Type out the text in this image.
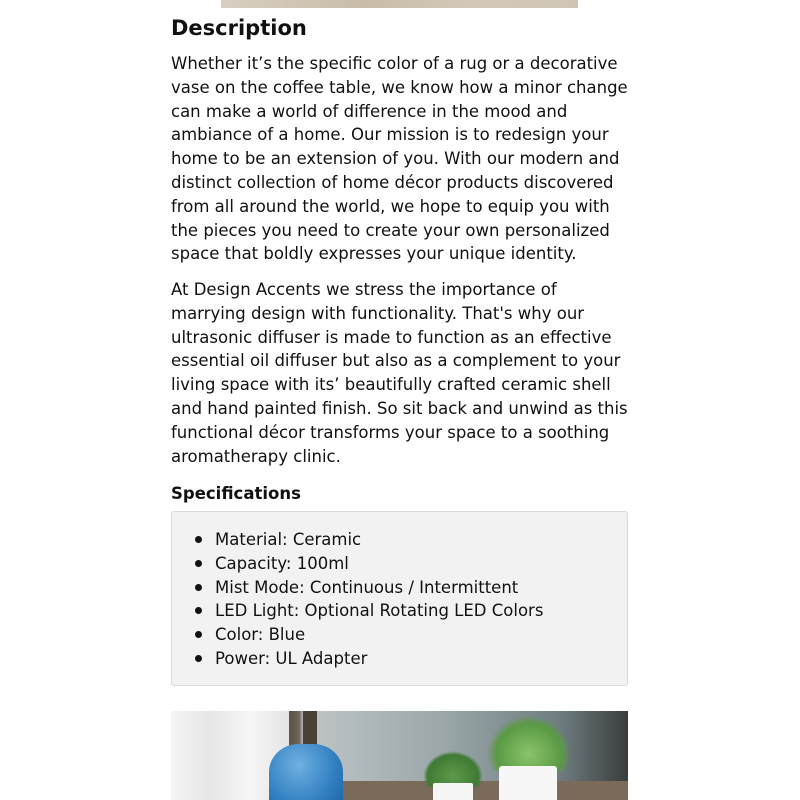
Description

Whether it’s the specific color of a rug or a decorative vase on the coffee table, we know how a minor change can make a world of difference in the mood and ambiance of a home. Our mission is to redesign your home to be an extension of you. With our modern and distinct collection of home décor products discovered from all around the world, we hope to equip you with the pieces you need to create your own personalized space that boldly expresses your unique identity.

At Design Accents we stress the importance of marrying design with functionality. That's why our ultrasonic diffuser is made to function as an effective essential oil diffuser but also as a complement to your living space with its’ beautifully crafted ceramic shell and hand painted finish. So sit back and unwind as this functional décor transforms your space to a soothing aromatherapy clinic.

Specifications
Material: Ceramic
Capacity: 100ml
Mist Mode: Continuous / Intermittent
LED Light: Optional Rotating LED Colors
Color: Blue
Power: UL Adapter
